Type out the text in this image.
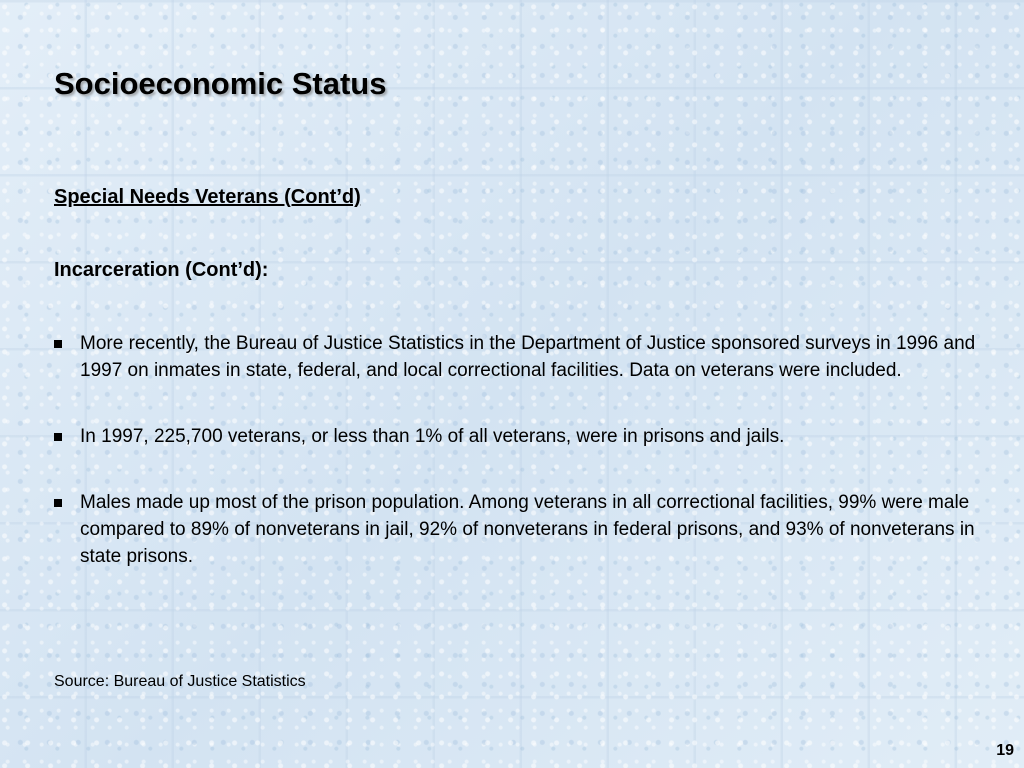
Socioeconomic Status
Special Needs Veterans (Cont’d)
Incarceration (Cont’d):
More recently, the Bureau of Justice Statistics in the Department of Justice sponsored surveys in 1996 and 1997 on inmates in state, federal, and local correctional facilities. Data on veterans were included.
In 1997, 225,700 veterans, or less than 1% of all veterans, were in prisons and jails.
Males made up most of the prison population. Among veterans in all correctional facilities, 99% were male compared to 89% of nonveterans in jail, 92% of nonveterans in federal prisons, and 93% of nonveterans in state prisons.
Source: Bureau of Justice Statistics
19
